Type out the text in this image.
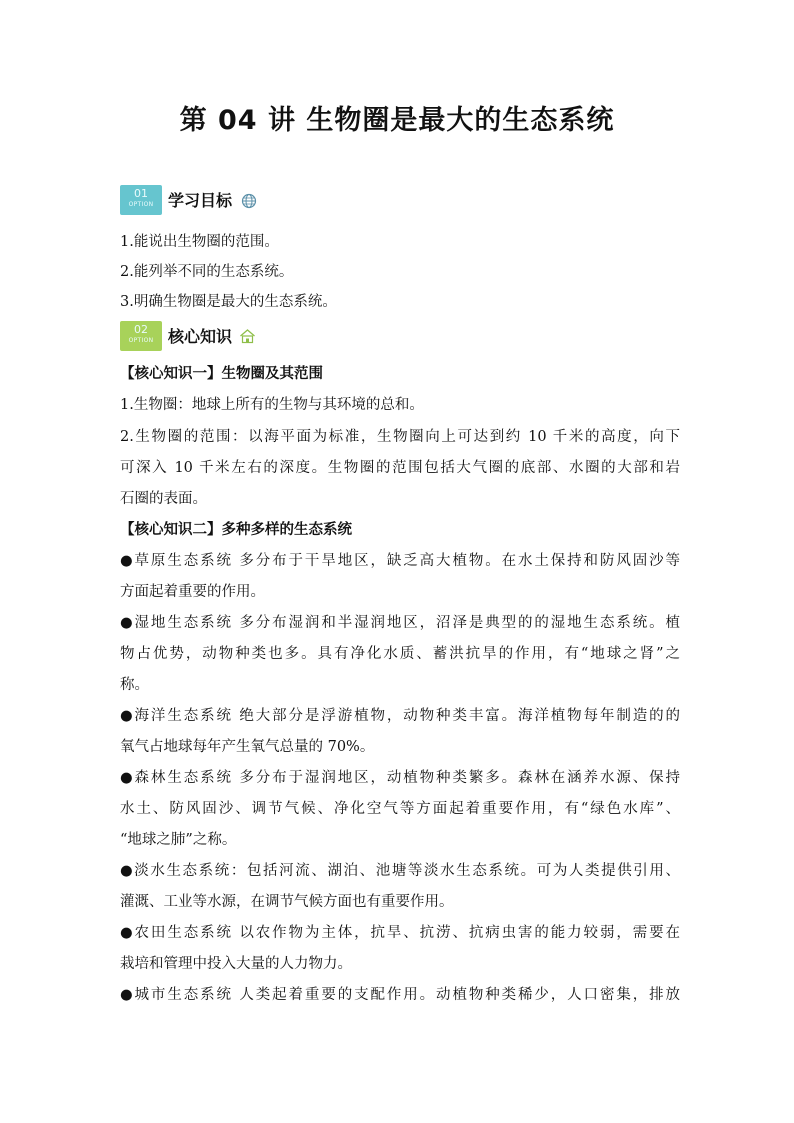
第 04 讲 生物圈是最大的生态系统
01
OPTION 学习目标
1.能说出生物圈的范围。
2.能列举不同的生态系统。
3.明确生物圈是最大的生态系统。
02
OPTION 核心知识
【核心知识一】生物圈及其范围
1.生物圈：地球上所有的生物与其环境的总和。
2.生物圈的范围：以海平面为标准，生物圈向上可达到约 10 千米的高度，向下
可深入 10 千米左右的深度。生物圈的范围包括大气圈的底部、水圈的大部和岩
石圈的表面。
【核心知识二】多种多样的生态系统
●草原生态系统 多分布于干旱地区，缺乏高大植物。在水土保持和防风固沙等
方面起着重要的作用。
●湿地生态系统 多分布湿润和半湿润地区，沼泽是典型的的湿地生态系统。植
物占优势，动物种类也多。具有净化水质、蓄洪抗旱的作用，有“地球之肾”之
称。
●海洋生态系统 绝大部分是浮游植物，动物种类丰富。海洋植物每年制造的的
氧气占地球每年产生氧气总量的 70%。
●森林生态系统 多分布于湿润地区，动植物种类繁多。森林在涵养水源、保持
水土、防风固沙、调节气候、净化空气等方面起着重要作用，有“绿色水库”、
“地球之肺”之称。
●淡水生态系统：包括河流、湖泊、池塘等淡水生态系统。可为人类提供引用、
灌溉、工业等水源，在调节气候方面也有重要作用。
●农田生态系统 以农作物为主体，抗旱、抗涝、抗病虫害的能力较弱，需要在
栽培和管理中投入大量的人力物力。
●城市生态系统 人类起着重要的支配作用。动植物种类稀少，人口密集，排放
